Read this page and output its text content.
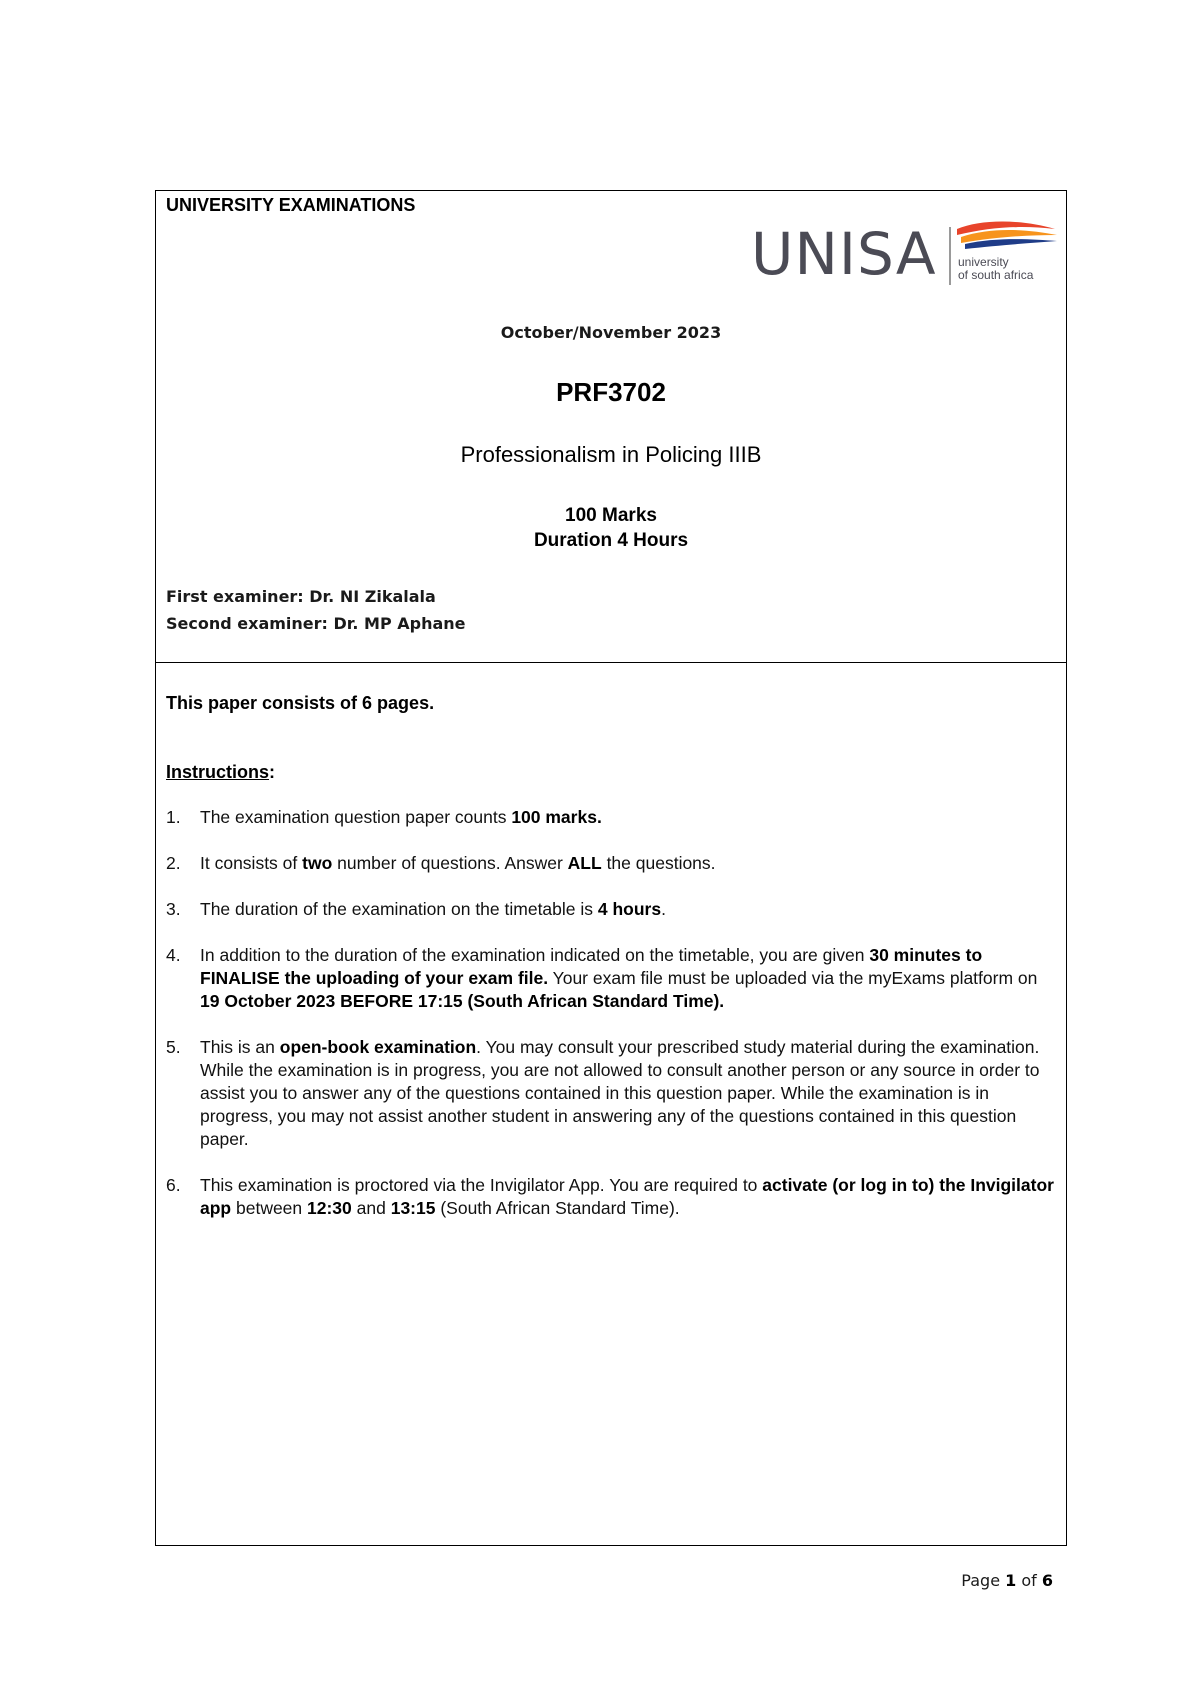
UNIVERSITY EXAMINATIONS
UNISA university
of south africa
October/November 2023
PRF3702
Professionalism in Policing IIIB
100 Marks
Duration 4 Hours
First examiner: Dr. NI Zikalala
Second examiner: Dr. MP Aphane
This paper consists of 6 pages.
Instructions:
1. The examination question paper counts 100 marks.
2. It consists of two number of questions. Answer ALL the questions.
3. The duration of the examination on the timetable is 4 hours.
4. In addition to the duration of the examination indicated on the timetable, you are given 30 minutes to FINALISE the uploading of your exam file. Your exam file must be uploaded via the myExams platform on 19 October 2023 BEFORE 17:15 (South African Standard Time).
5. This is an open-book examination. You may consult your prescribed study material during the examination. While the examination is in progress, you are not allowed to consult another person or any source in order to assist you to answer any of the questions contained in this question paper. While the examination is in progress, you may not assist another student in answering any of the questions contained in this question paper.
6. This examination is proctored via the Invigilator App. You are required to activate (or log in to) the Invigilator app between 12:30 and 13:15 (South African Standard Time).
Page 1 of 6
